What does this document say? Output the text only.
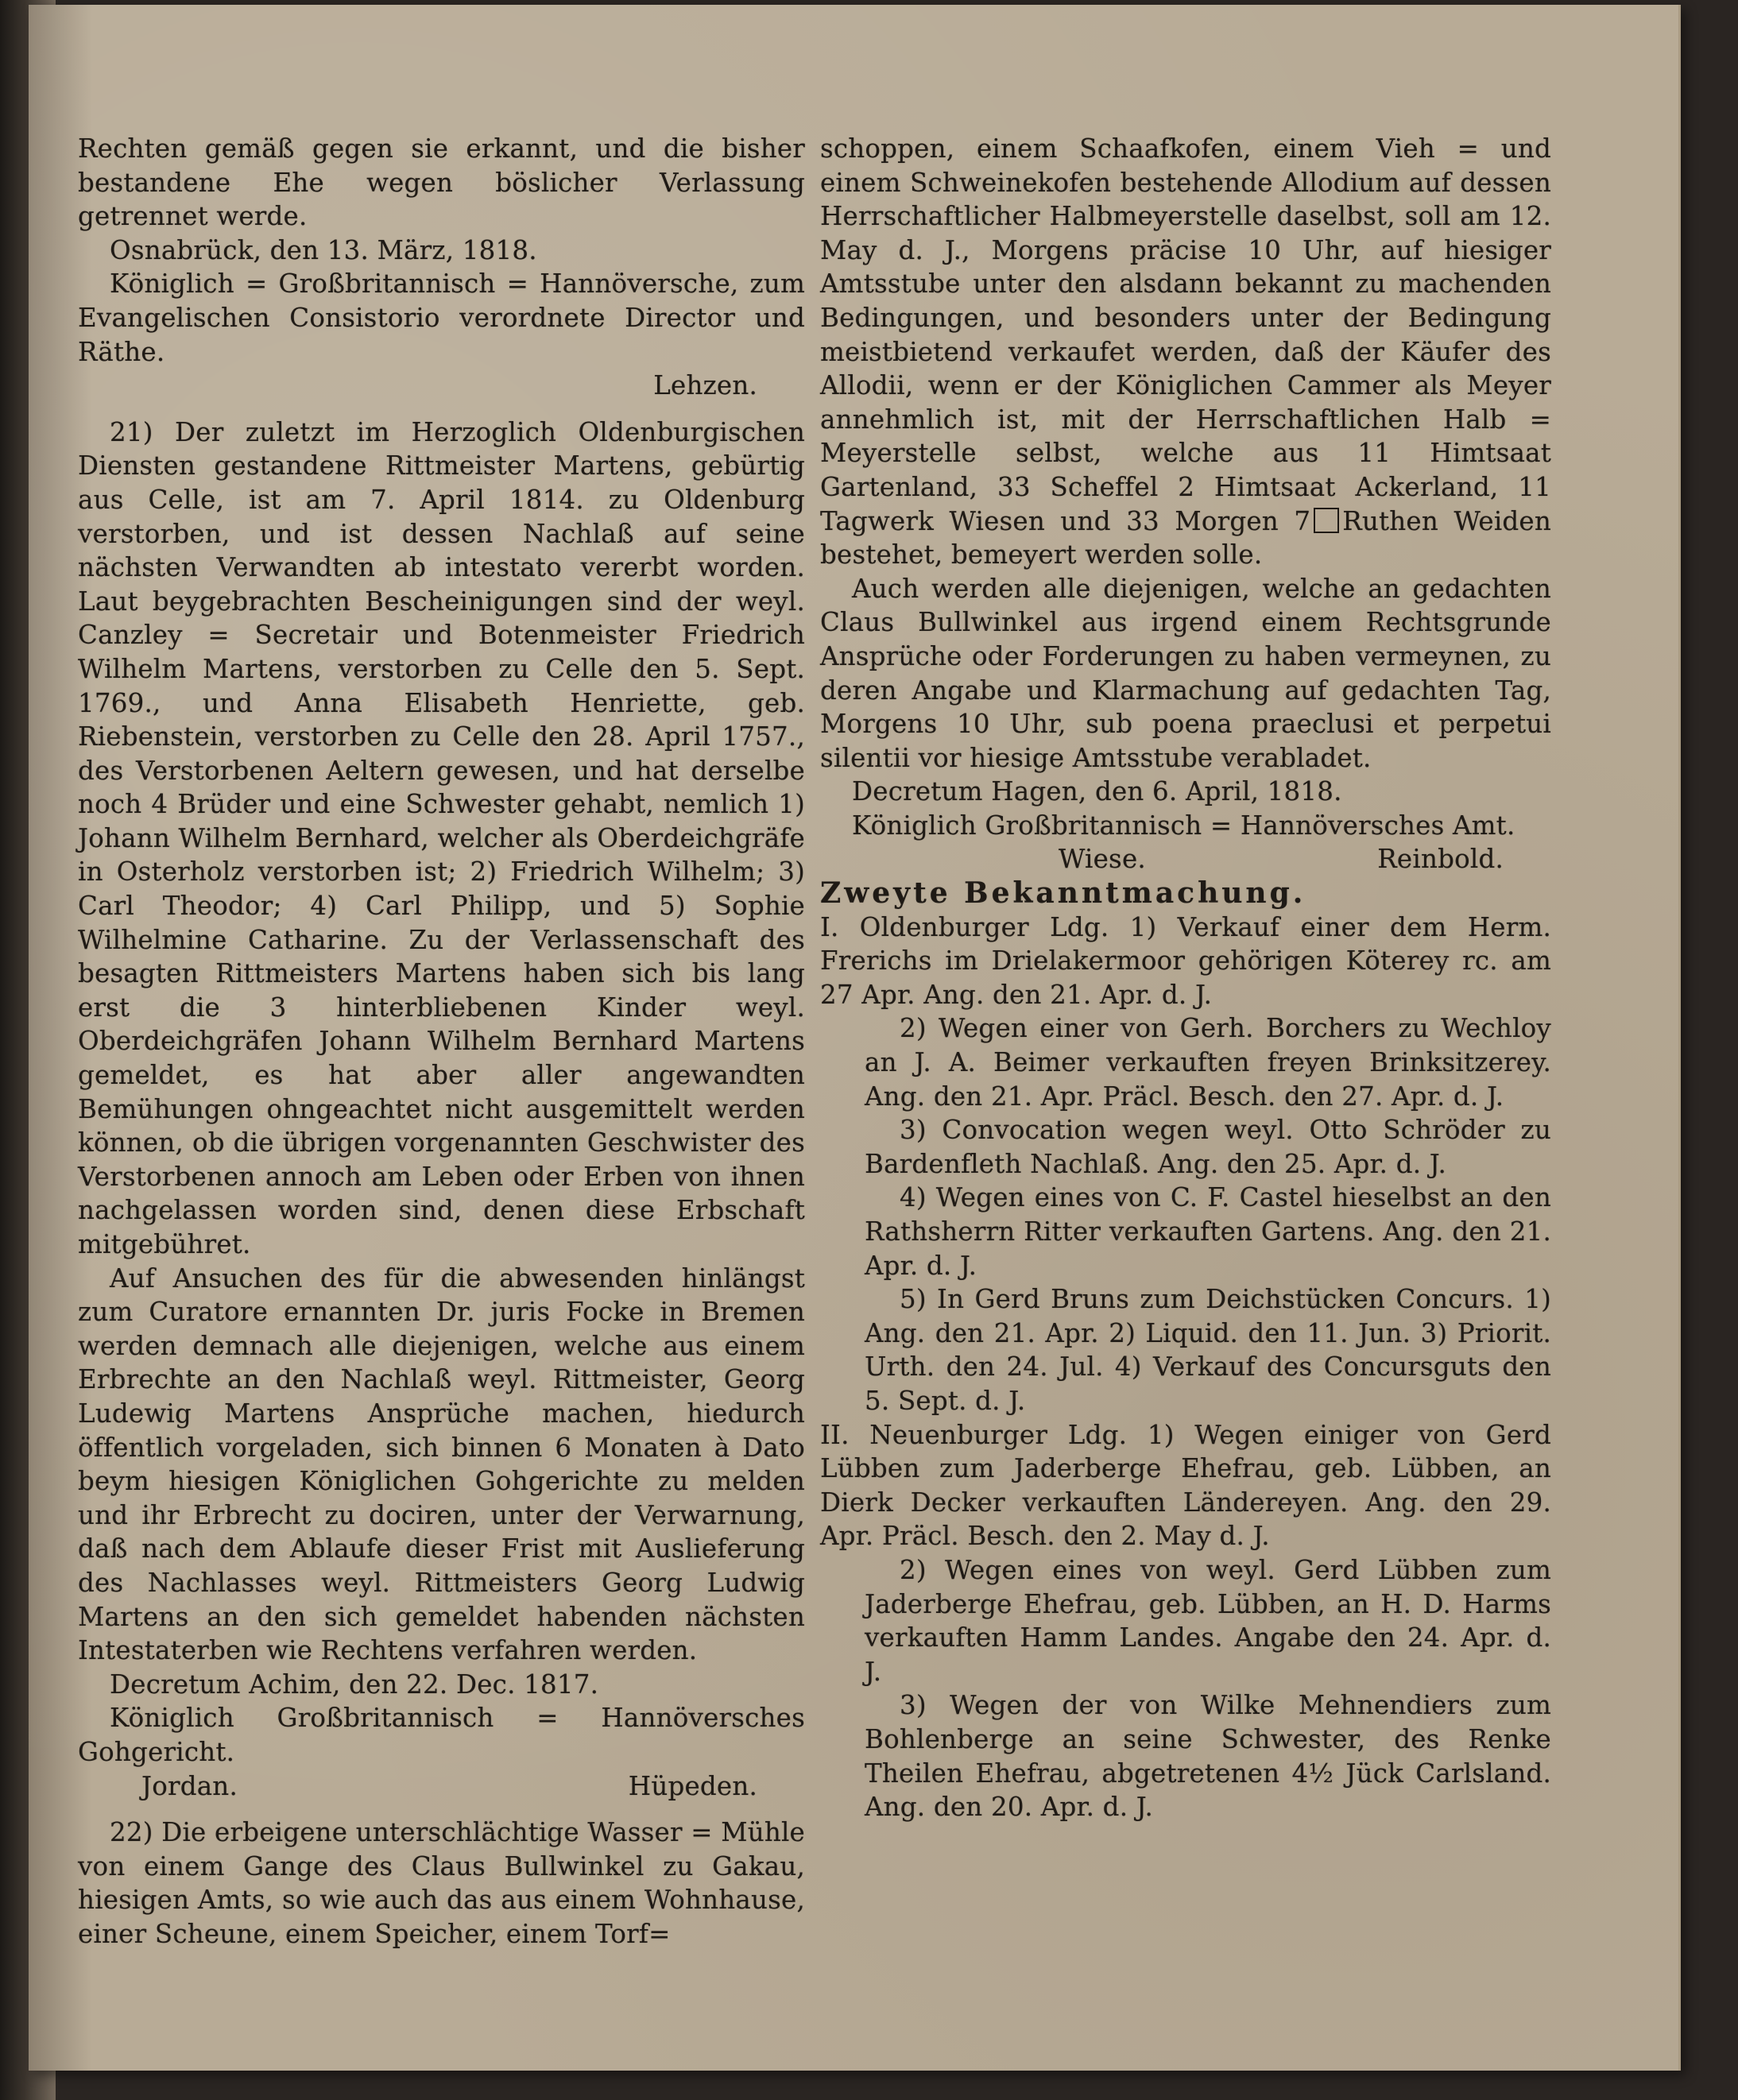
Rechten gemäß gegen sie erkannt, und die bisher bestandene Ehe wegen böslicher Verlassung getrennet werde.

Osnabrück, den 13. März, 1818.

Königlich = Großbritannisch = Hannöversche, zum Evangelischen Consistorio verordnete Director und Räthe.

Lehzen.

21) Der zuletzt im Herzoglich Oldenburgischen Diensten gestandene Rittmeister Martens, gebürtig aus Celle, ist am 7. April 1814. zu Oldenburg verstorben, und ist dessen Nachlaß auf seine nächsten Verwandten ab intestato vererbt worden. Laut beygebrachten Bescheinigungen sind der weyl. Canzley = Secretair und Botenmeister Friedrich Wilhelm Martens, verstorben zu Celle den 5. Sept. 1769., und Anna Elisabeth Henriette, geb. Riebenstein, verstorben zu Celle den 28. April 1757., des Verstorbenen Aeltern gewesen, und hat derselbe noch 4 Brüder und eine Schwester gehabt, nemlich 1) Johann Wilhelm Bernhard, welcher als Oberdeichgräfe in Osterholz verstorben ist; 2) Friedrich Wilhelm; 3) Carl Theodor; 4) Carl Philipp, und 5) Sophie Wilhelmine Catharine. Zu der Verlassenschaft des besagten Rittmeisters Martens haben sich bis lang erst die 3 hinterbliebenen Kinder weyl. Oberdeichgräfen Johann Wilhelm Bernhard Martens gemeldet, es hat aber aller angewandten Bemühungen ohngeachtet nicht ausgemittelt werden können, ob die übrigen vorgenannten Geschwister des Verstorbenen annoch am Leben oder Erben von ihnen nachgelassen worden sind, denen diese Erbschaft mitgebühret.

Auf Ansuchen des für die abwesenden hinlängst zum Curatore ernannten Dr. juris Focke in Bremen werden demnach alle diejenigen, welche aus einem Erbrechte an den Nachlaß weyl. Rittmeister, Georg Ludewig Martens Ansprüche machen, hiedurch öffentlich vorgeladen, sich binnen 6 Monaten à Dato beym hiesigen Königlichen Gohgerichte zu melden und ihr Erbrecht zu dociren, unter der Verwarnung, daß nach dem Ablaufe dieser Frist mit Auslieferung des Nachlasses weyl. Rittmeisters Georg Ludwig Martens an den sich gemeldet habenden nächsten Intestaterben wie Rechtens verfahren werden.

Decretum Achim, den 22. Dec. 1817.

Königlich Großbritannisch = Hannöversches Gohgericht.

Jordan.	Hüpeden.

22) Die erbeigene unterschlächtige Wasser = Mühle von einem Gange des Claus Bullwinkel zu Gakau, hiesigen Amts, so wie auch das aus einem Wohnhause, einer Scheune, einem Speicher, einem Torf=

schoppen, einem Schaafkofen, einem Vieh = und einem Schweinekofen bestehende Allodium auf dessen Herrschaftlicher Halbmeyerstelle daselbst, soll am 12. May d. J., Morgens präcise 10 Uhr, auf hiesiger Amtsstube unter den alsdann bekannt zu machenden Bedingungen, und besonders unter der Bedingung meistbietend verkaufet werden, daß der Käufer des Allodii, wenn er der Königlichen Cammer als Meyer annehmlich ist, mit der Herrschaftlichen Halb = Meyerstelle selbst, welche aus 11 Himtsaat Gartenland, 33 Scheffel 2 Himtsaat Ackerland, 11 Tagwerk Wiesen und 33 Morgen 7 Ruthen Weiden bestehet, bemeyert werden solle.

Auch werden alle diejenigen, welche an gedachten Claus Bullwinkel aus irgend einem Rechtsgrunde Ansprüche oder Forderungen zu haben vermeynen, zu deren Angabe und Klarmachung auf gedachten Tag, Morgens 10 Uhr, sub poena praeclusi et perpetui silentii vor hiesige Amtsstube verabladet.

Decretum Hagen, den 6. April, 1818.

Königlich Großbritannisch = Hannöversches Amt.

Wiese.	Reinbold.

Zweyte Bekanntmachung.

I. Oldenburger Ldg. 1) Verkauf einer dem Herm. Frerichs im Drielakermoor gehörigen Köterey rc. am 27 Apr. Ang. den 21. Apr. d. J.

2) Wegen einer von Gerh. Borchers zu Wechloy an J. A. Beimer verkauften freyen Brinksitzerey. Ang. den 21. Apr. Präcl. Besch. den 27. Apr. d. J.

3) Convocation wegen weyl. Otto Schröder zu Bardenfleth Nachlaß. Ang. den 25. Apr. d. J.

4) Wegen eines von C. F. Castel hieselbst an den Rathsherrn Ritter verkauften Gartens. Ang. den 21. Apr. d. J.

5) In Gerd Bruns zum Deichstücken Concurs. 1) Ang. den 21. Apr. 2) Liquid. den 11. Jun. 3) Priorit. Urth. den 24. Jul. 4) Verkauf des Concursguts den 5. Sept. d. J.

II. Neuenburger Ldg. 1) Wegen einiger von Gerd Lübben zum Jaderberge Ehefrau, geb. Lübben, an Dierk Decker verkauften Ländereyen. Ang. den 29. Apr. Präcl. Besch. den 2. May d. J.

2) Wegen eines von weyl. Gerd Lübben zum Jaderberge Ehefrau, geb. Lübben, an H. D. Harms verkauften Hamm Landes. Angabe den 24. Apr. d. J.

3) Wegen der von Wilke Mehnendiers zum Bohlenberge an seine Schwester, des Renke Theilen Ehefrau, abgetretenen 4½ Jück Carlsland. Ang. den 20. Apr. d. J.
